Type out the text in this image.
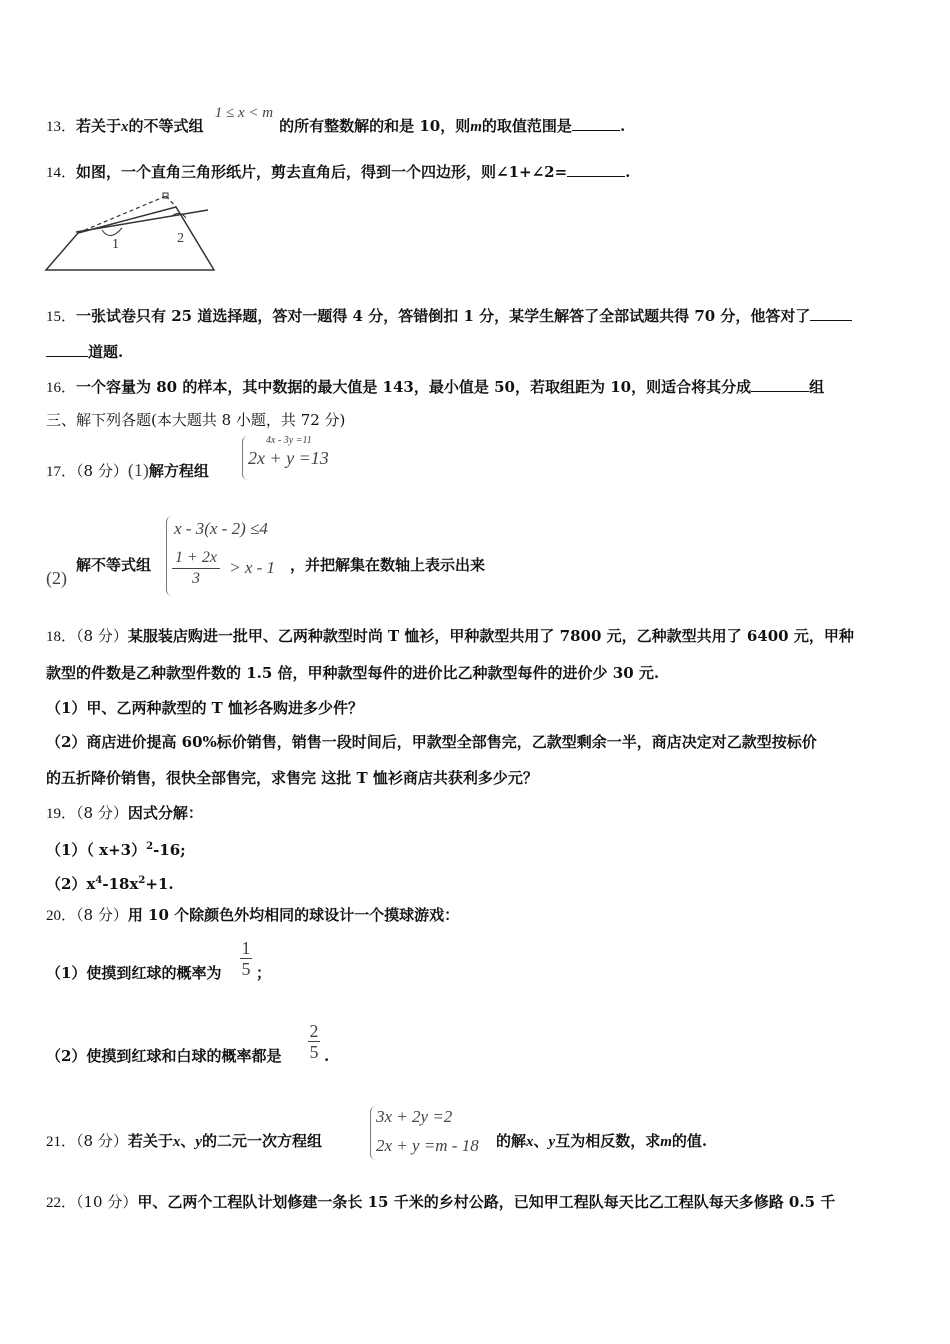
13．若关于x的不等式组 1 ≤ x < m的所有整数解的和是 10，则m的取值范围是	.
14．如图，一个直角三角形纸片，剪去直角后，得到一个四边形，则∠1+∠2=	.
1	2
15．一张试卷只有 25 道选择题，答对一题得 4 分，答错倒扣 1 分，某学生解答了全部试题共得 70 分，他答对了
道题.
16．一个容量为 80 的样本，其中数据的最大值是 143，最小值是 50，若取组距为 10，则适合将其分成	组
三、解下列各题(本大题共 8 小题，共 72 分)
17．（8 分）(1)解方程组
4x - 3y =11
2x + y =13
x - 3(x - 2) ≤4
$\frac{1 + 2x}{3} > x - 1$
(2)
解不等式组	，并把解集在数轴上表示出来
18．（8 分）某服装店购进一批甲、乙两种款型时尚 T 恤衫，甲种款型共用了 7800 元，乙种款型共用了 6400 元，甲种
款型的件数是乙种款型件数的 1.5 倍，甲种款型每件的进价比乙种款型每件的进价少 30 元.
（1）甲、乙两种款型的 T 恤衫各购进多少件？
（2）商店进价提高 60%标价销售，销售一段时间后，甲款型全部售完，乙款型剩余一半，商店决定对乙款型按标价
的五折降价销售，很快全部售完，求售完 这批 T 恤衫商店共获利多少元？
19．（8 分）因式分解：
（1）（ x+3）$^2$-16;
$(2)x^4-18x^2+1$.
20．（8 分）用 10 个除颜色外均相同的球设计一个摸球游戏：
（1）使摸到红球的概率为 $\frac{1}{5}$ ；
（2）使摸到红球和白球的概率都是 $\frac{2}{5}$ .
21．（8 分）若关于x、y的二元一次方程组
3x + 2y =2
2x + y =m - 18 的解x、y互为相反数，求m的值.
22．（10 分）甲、乙两个工程队计划修建一条长 15 千米的乡村公路，已知甲工程队每天比乙工程队每天多修路 0.5 千
